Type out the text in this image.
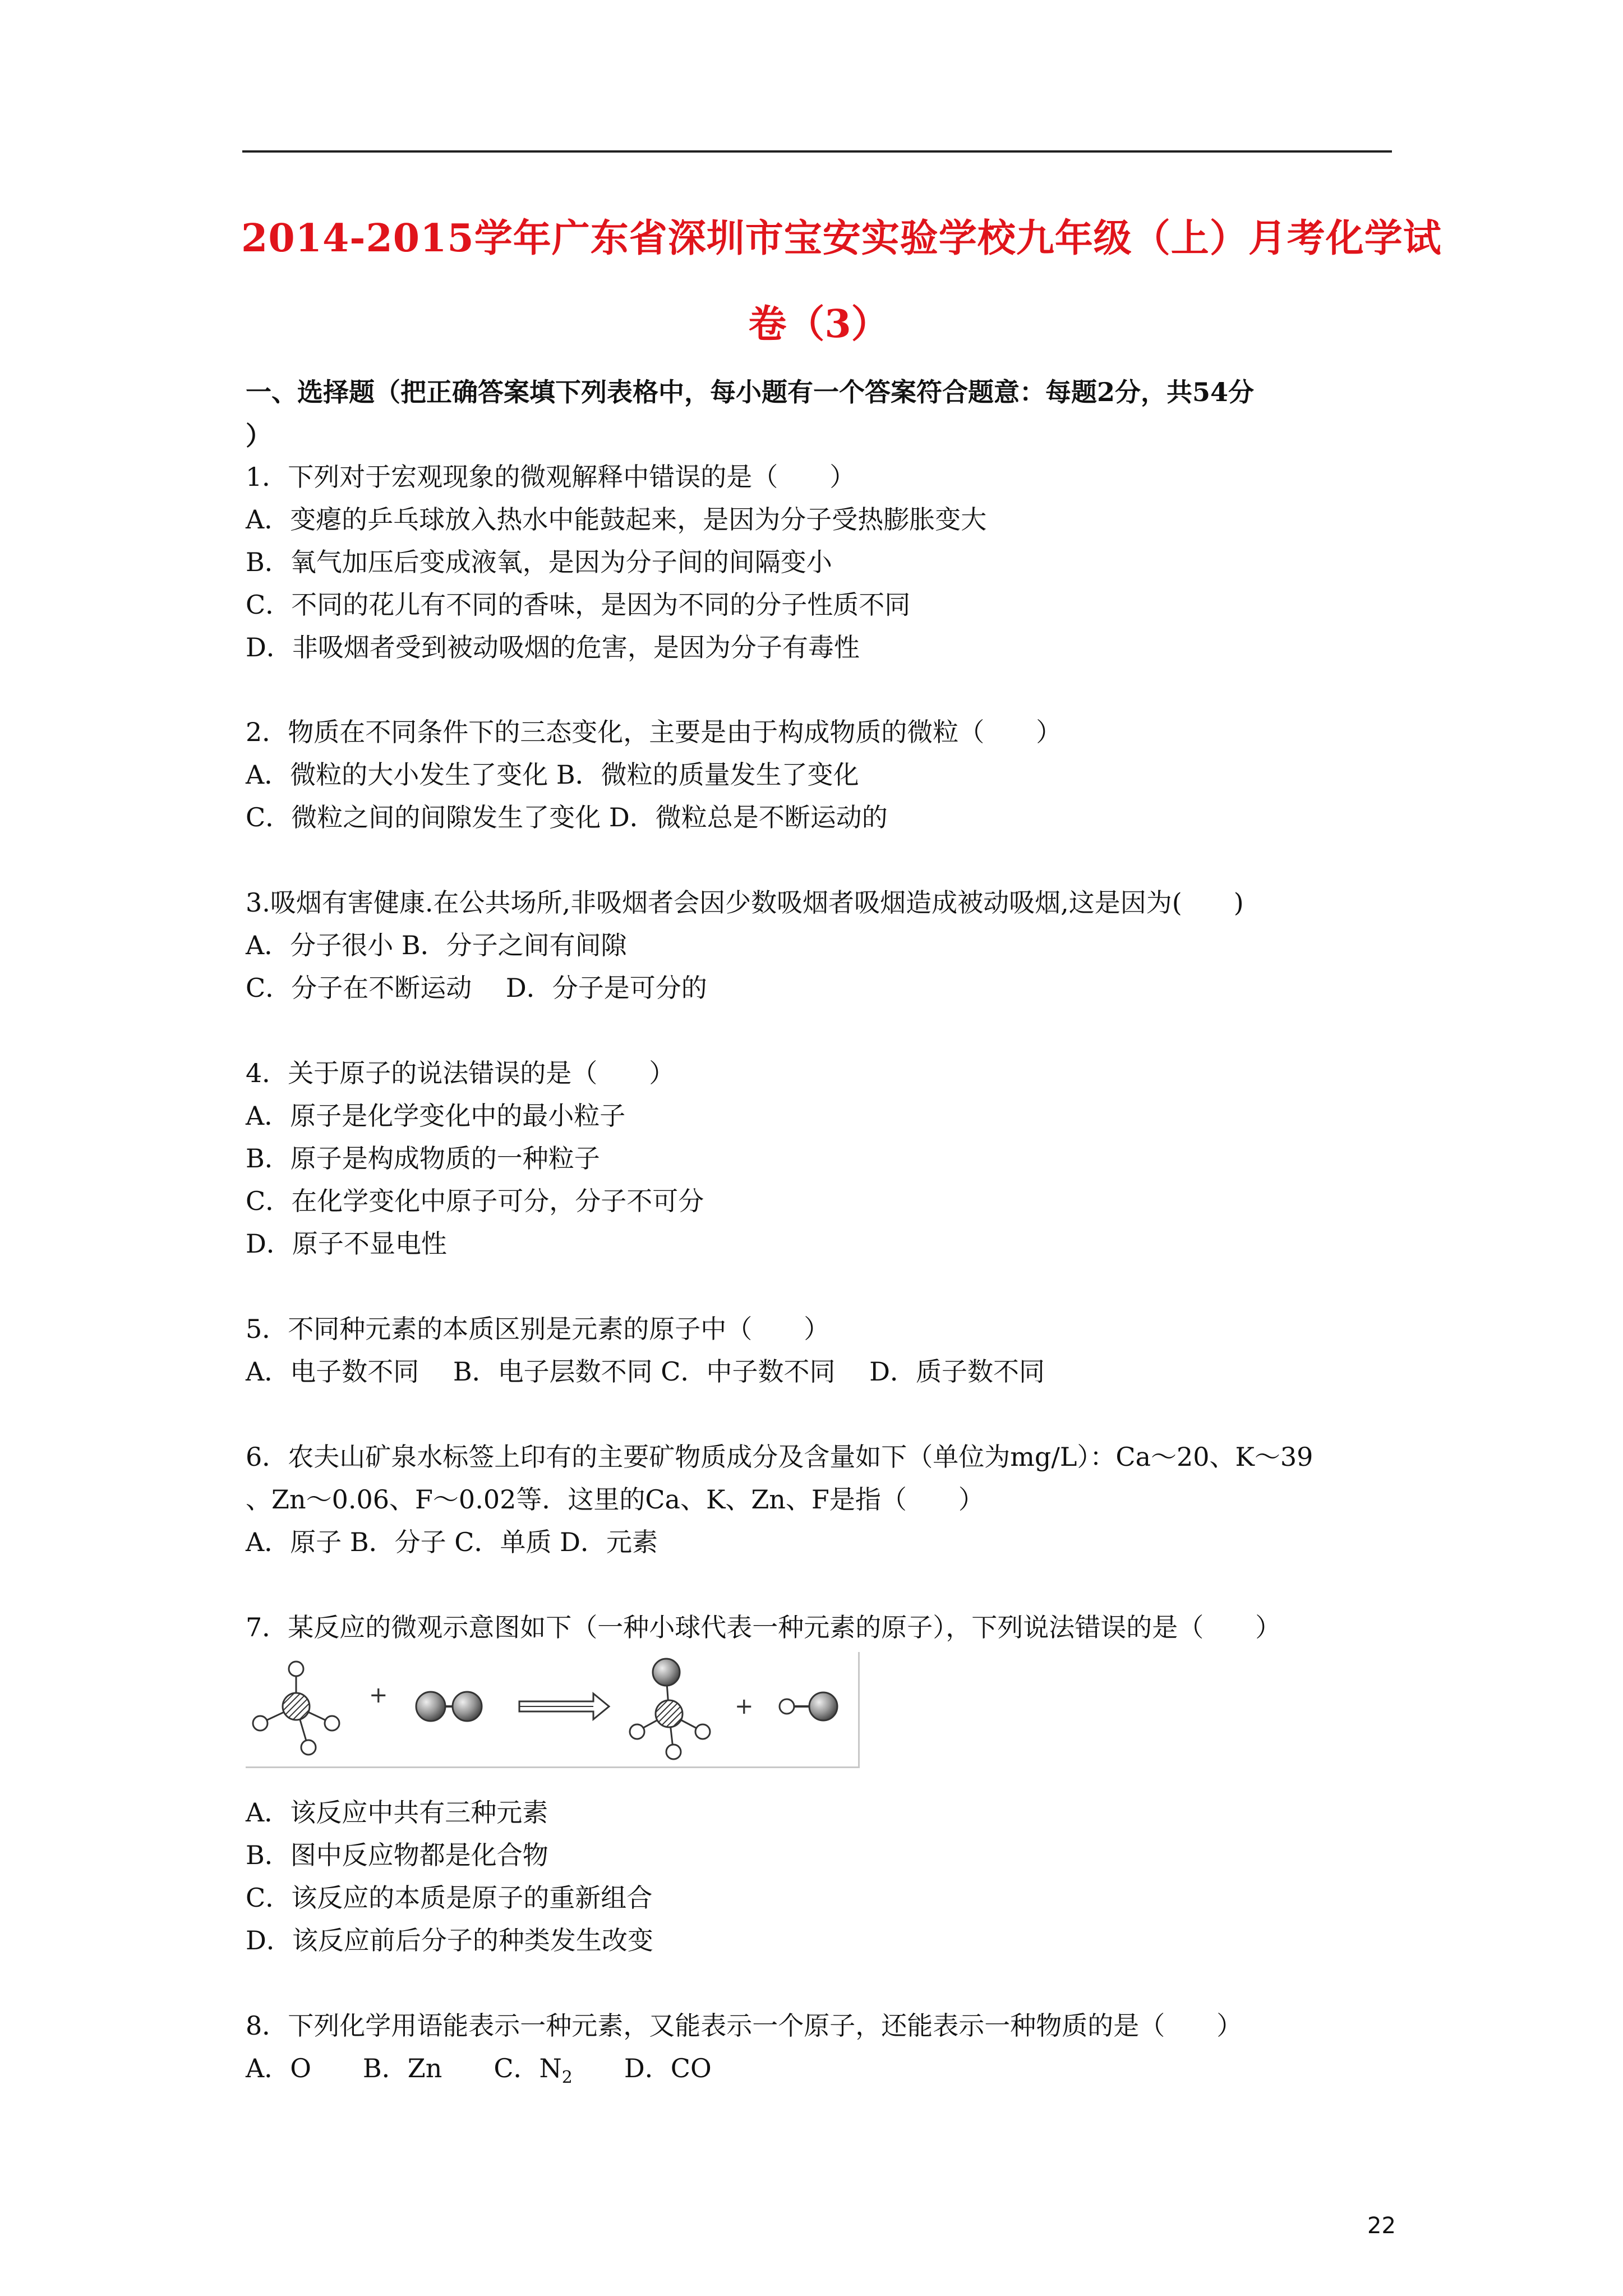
2014-2015学年广东省深圳市宝安实验学校九年级（上）月考化学试
卷（3）
一、选择题（把正确答案填下列表格中，每小题有一个答案符合题意：每题2分，共54分
）
1．下列对于宏观现象的微观解释中错误的是（　　）
A．变瘪的乒乓球放入热水中能鼓起来，是因为分子受热膨胀变大
B．氧气加压后变成液氧，是因为分子间的间隔变小
C．不同的花儿有不同的香味，是因为不同的分子性质不同
D．非吸烟者受到被动吸烟的危害，是因为分子有毒性
2．物质在不同条件下的三态变化，主要是由于构成物质的微粒（　　）
A．微粒的大小发生了变化 B．微粒的质量发生了变化
C．微粒之间的间隙发生了变化 D．微粒总是不断运动的
3.吸烟有害健康.在公共场所,非吸烟者会因少数吸烟者吸烟造成被动吸烟,这是因为(　　)
A．分子很小 B．分子之间有间隙
C．分子在不断运动　 D．分子是可分的
4．关于原子的说法错误的是（　　）
A．原子是化学变化中的最小粒子
B．原子是构成物质的一种粒子
C．在化学变化中原子可分，分子不可分
D．原子不显电性
5．不同种元素的本质区别是元素的原子中（　　）
A．电子数不同　 B．电子层数不同 C．中子数不同　 D．质子数不同
6．农夫山矿泉水标签上印有的主要矿物质成分及含量如下（单位为mg/L）：Ca～20、K～39
、Zn～0.06、F～0.02等．这里的Ca、K、Zn、F是指（　　）
A．原子 B．分子 C．单质 D．元素
7．某反应的微观示意图如下（一种小球代表一种元素的原子），下列说法错误的是（　　）
+	+
A．该反应中共有三种元素
B．图中反应物都是化合物
C．该反应的本质是原子的重新组合
D．该反应前后分子的种类发生改变
8．下列化学用语能表示一种元素，又能表示一个原子，还能表示一种物质的是（　　）
A．O　　B．Zn　　C．$N_2$　　D．CO
22
